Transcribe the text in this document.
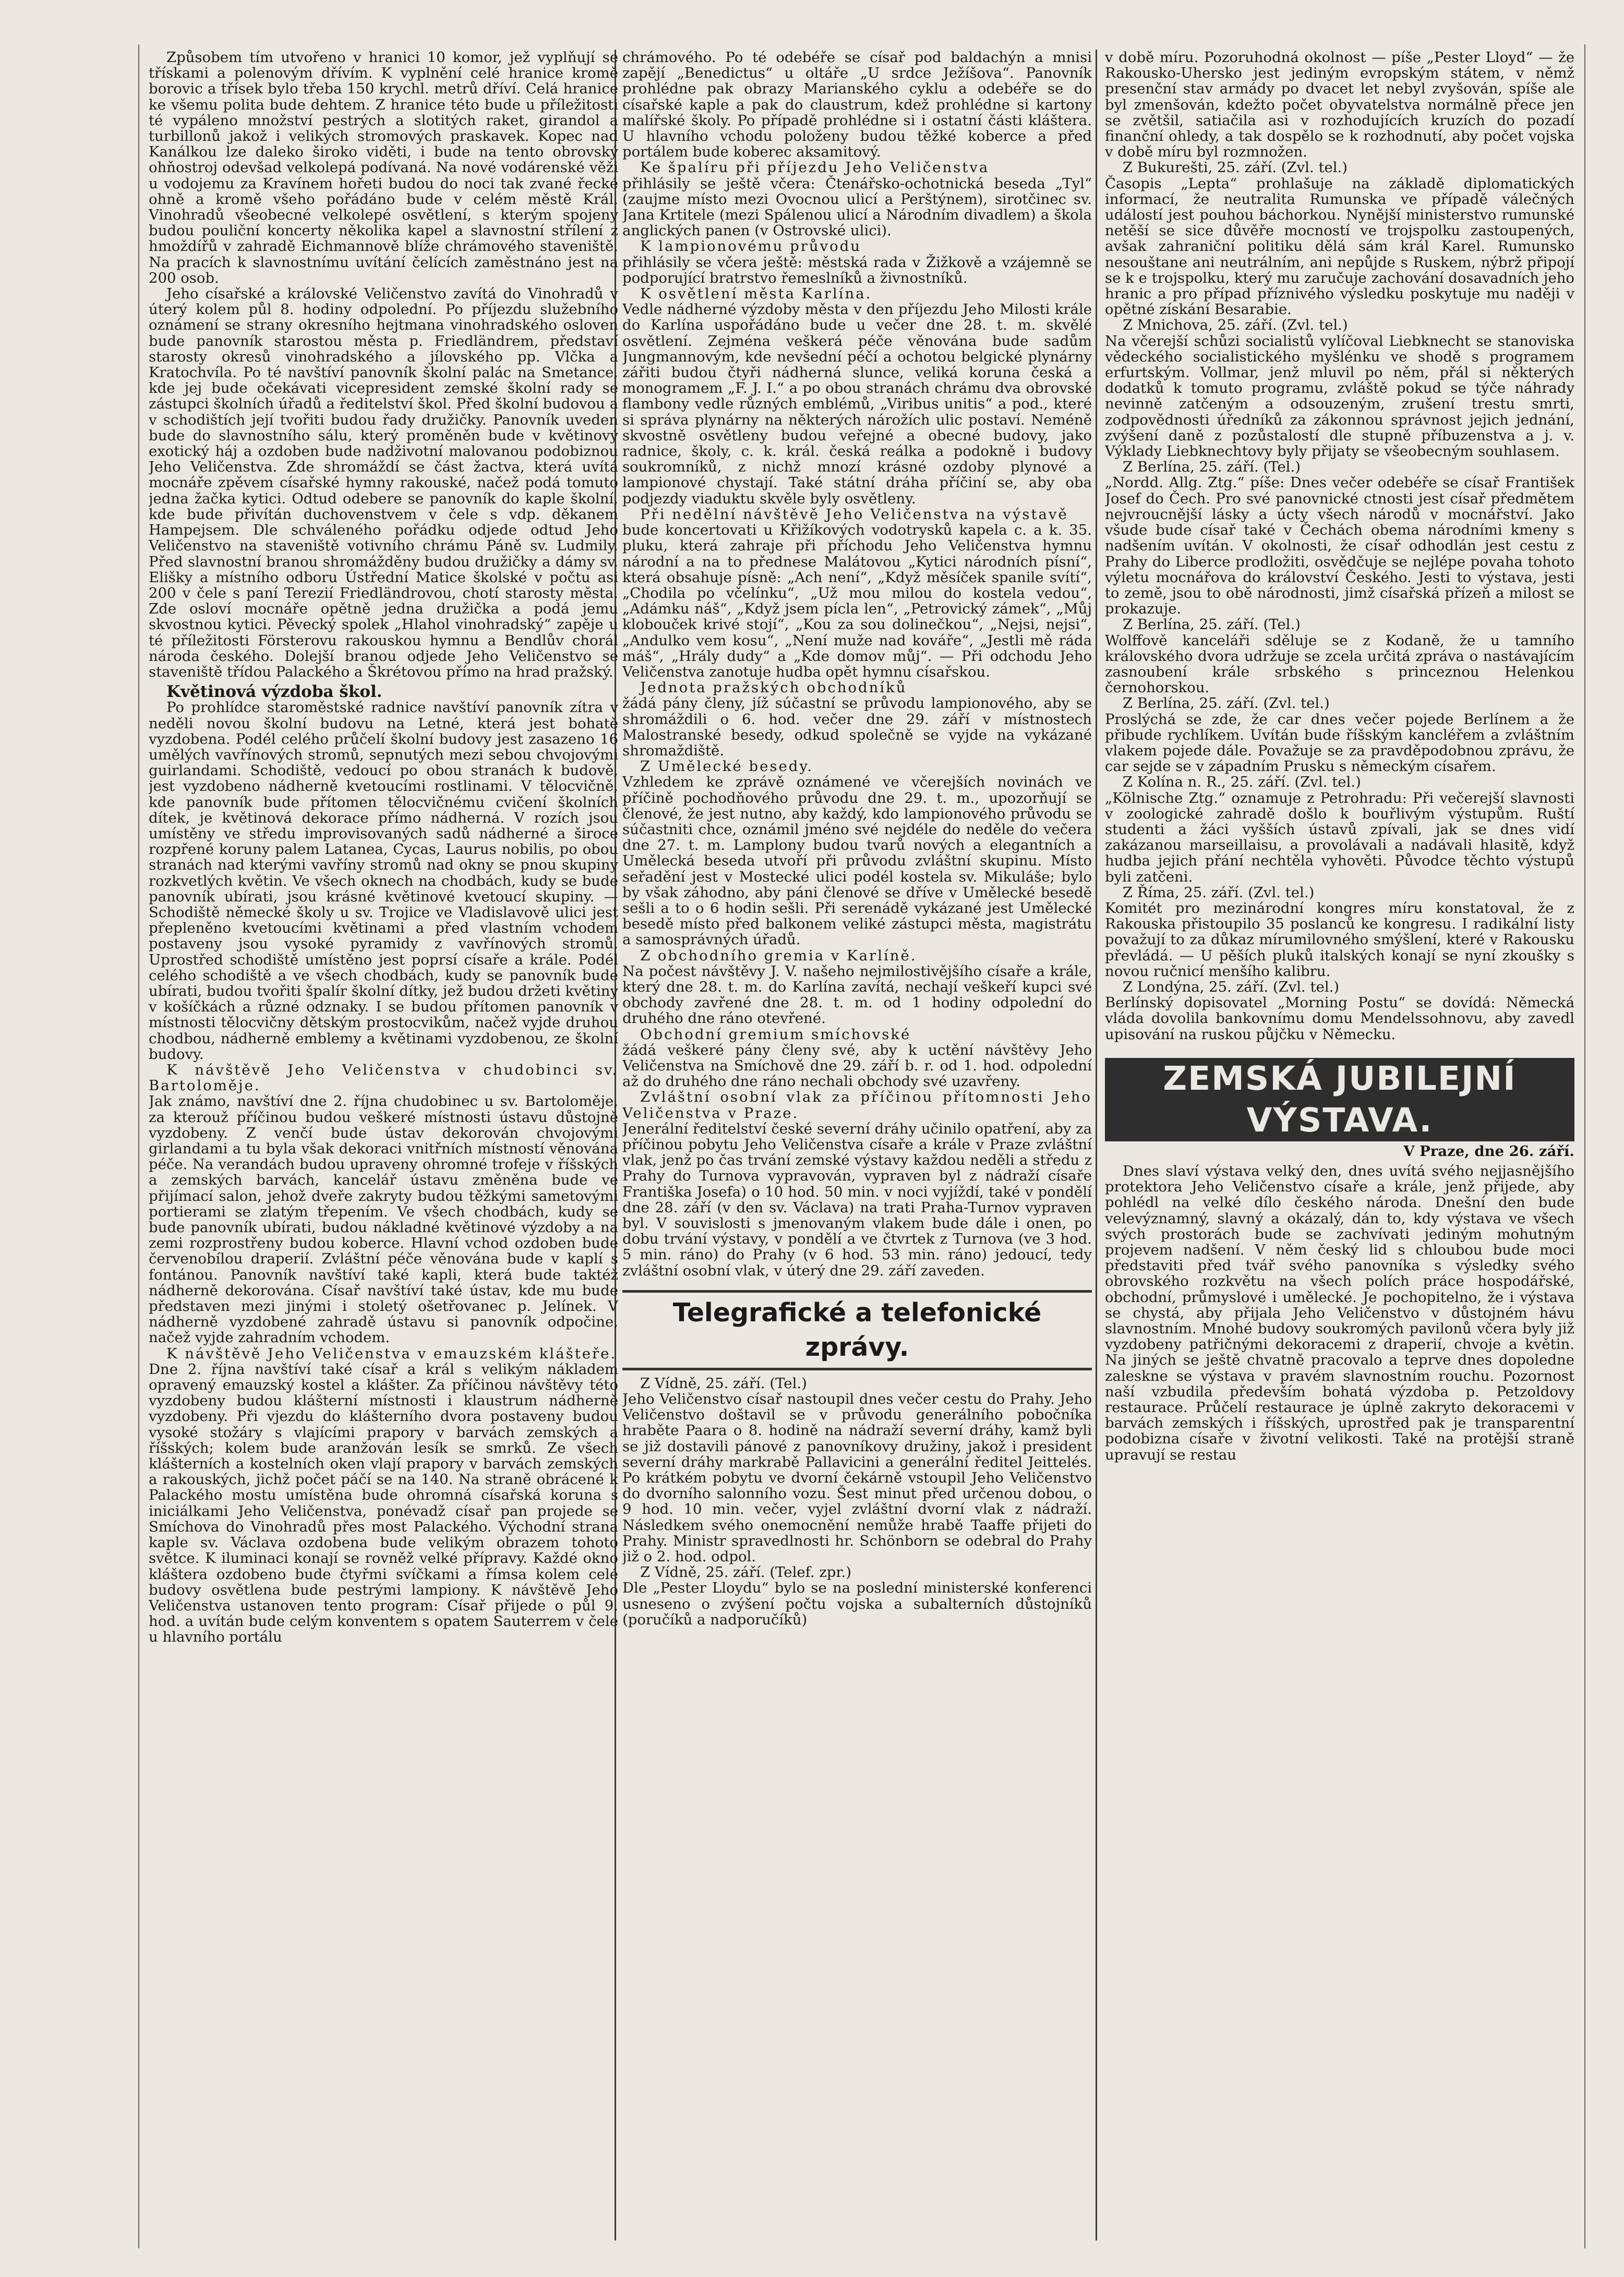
Způsobem tím utvořeno v hranici 10 komor, jež vyplňují se třískami a polenovým dřívím. K vyplnění celé hranice kromě borovic a třísek bylo třeba 150 krychl. metrů dříví. Celá hranice ke všemu polita bude dehtem. Z hranice této bude u příležitosti té vypáleno množství pestrých a slotitých raket, girandol a turbillonů jakož i velikých stromových praskavek. Kopec nad Kanálkou lze daleko široko viděti, i bude na tento obrovský ohňostroj odevšad velkolepá podívaná. Na nové vodárenské věži u vodojemu za Kravínem hořeti budou do noci tak zvané řecké ohně a kromě všeho pořádáno bude v celém městě Král. Vinohradů všeobecné velkolepé osvětlení, s kterým spojeny budou pouliční koncerty několika kapel a slavnostní střílení z hmoždířů v zahradě Eichmannově blíže chrámového staveniště. Na pracích k slavnostnímu uvítání čelících zaměstnáno jest na 200 osob.

Jeho císařské a královské Veličenstvo zavítá do Vinohradů v úterý kolem půl 8. hodiny odpolední. Po příjezdu služebního oznámení se strany okresního hejtmana vinohradského osloven bude panovník starostou města p. Friedländrem, představí starosty okresů vinohradského a jílovského pp. Vlčka a Kratochvíla. Po té navštíví panovník školní palác na Smetance, kde jej bude očekávati vicepresident zemské školní rady se zástupci školních úřadů a ředitelství škol. Před školní budovou a v schodištích její tvořiti budou řady družičky. Panovník uveden bude do slavnostního sálu, který proměněn bude v květinový exotický háj a ozdoben bude nadživotní malovanou podobiznou Jeho Veličenstva. Zde shromáždí se část žactva, která uvítá mocnáře zpěvem císařské hymny rakouské, načež podá tomuto jedna žačka kytici. Odtud odebere se panovník do kaple školní, kde bude přivítán duchovenstvem v čele s vdp. děkanem Hampejsem. Dle schváleného pořádku odjede odtud Jeho Veličenstvo na staveniště votivního chrámu Páně sv. Ludmily. Před slavnostní branou shromážděny budou družičky a dámy sv. Elišky a místního odboru Ústřední Matice školské v počtu asi 200 v čele s paní Terezií Friedländrovou, chotí starosty města. Zde osloví mocnáře opětně jedna družička a podá jemu skvostnou kytici. Pěvecký spolek „Hlahol vinohradský“ zapěje u té příležitosti Försterovu rakouskou hymnu a Bendlův chorál národa českého. Dolejší branou odjede Jeho Veličenstvo se staveniště třídou Palackého a Škrétovou přímo na hrad pražský.

Květinová výzdoba škol.

Po prohlídce staroměstské radnice navštíví panovník zítra v neděli novou školní budovu na Letné, která jest bohatě vyzdobena. Podél celého průčelí školní budovy jest zasazeno 16 umělých vavřínových stromů, sepnutých mezi sebou chvojovými guirlandami. Schodiště, vedoucí po obou stranách k budově, jest vyzdobeno nádherně kvetoucími rostlinami. V tělocvičně, kde panovník bude přítomen tělocvičnému cvičení školních dítek, je květinová dekorace přímo nádherná. V rozích jsou umístěny ve středu improvisovaných sadů nádherné a široce rozpřené koruny palem Latanea, Cycas, Laurus nobilis, po obou stranách nad kterými vavříny stromů nad okny se pnou skupiny rozkvetlých květin. Ve všech oknech na chodbách, kudy se bude panovník ubírati, jsou krásné květinové kvetoucí skupiny. — Schodiště německé školy u sv. Trojice ve Vladislavově ulici jest přepleněno kvetoucími květinami a před vlastním vchodem postaveny jsou vysoké pyramidy z vavřínových stromů. Uprostřed schodiště umístěno jest poprsí císaře a krále. Podél celého schodiště a ve všech chodbách, kudy se panovník bude ubírati, budou tvořiti špalír školní dítky, jež budou držeti květiny v košíčkách a různé odznaky. I se budou přítomen panovník v místnosti tělocvičny dětským prostocvikům, načež vyjde druhou chodbou, nádherně emblemy a květinami vyzdobenou, ze školní budovy.

K návštěvě Jeho Veličenstva v chudobinci sv. Bartoloměje.

Jak známo, navštíví dne 2. října chudobinec u sv. Bartoloměje, za kterouž příčinou budou veškeré místnosti ústavu důstojně vyzdobeny. Z venčí bude ústav dekorován chvojovými girlandami a tu byla však dekoraci vnitřních místností věnována péče. Na verandách budou upraveny ohromné trofeje v říšských a zemských barvách, kancelář ústavu změněna bude ve přijímací salon, jehož dveře zakryty budou těžkými sametovými portierami se zlatým třepením. Ve všech chodbách, kudy se bude panovník ubírati, budou nákladné květinové výzdoby a na zemi rozprostřeny budou koberce. Hlavní vchod ozdoben bude červenobílou draperií. Zvláštní péče věnována bude v kaplí s fontánou. Panovník navštíví také kapli, která bude taktéž nádherně dekorována. Císař navštíví také ústav, kde mu bude představen mezi jinými i stoletý ošetřovanec p. Jelínek. V nádherně vyzdobené zahradě ústavu si panovník odpočine, načež vyjde zahradním vchodem.

K návštěvě Jeho Veličenstva v emauzském klášteře.

Dne 2. října navštíví také císař a král s velikým nákladem opravený emauzský kostel a klášter. Za příčinou návštěvy této vyzdobeny budou klášterní místnosti i klaustrum nádherně vyzdobeny. Při vjezdu do klášterního dvora postaveny budou vysoké stožáry s vlajícími prapory v barvách zemských a říšských; kolem bude aranžován lesík se smrků. Ze všech klášterních a kostelních oken vlají prapory v barvách zemských a rakouských, jichž počet páčí se na 140. Na straně obrácené k Palackého mostu umístěna bude ohromná císařská koruna s iniciálkami Jeho Veličenstva, ponévadž císař pan projede se Smíchova do Vinohradů přes most Palackého. Východní strana kaple sv. Václava ozdobena bude velikým obrazem tohoto světce. K iluminaci konají se rovněž velké přípravy. Každé okno kláštera ozdobeno bude čtyřmi svíčkami a římsa kolem celé budovy osvětlena bude pestrými lampiony. K návštěvě Jeho Veličenstva ustanoven tento program: Císař přijede o půl 9. hod. a uvítán bude celým konventem s opatem Sauterrem v čele u hlavního portálu

chrámového. Po té odebéře se císař pod baldachýn a mnisi zapějí „Benedictus“ u oltáře „U srdce Ježíšova“. Panovník prohlédne pak obrazy Marianského cyklu a odebéře se do císařské kaple a pak do claustrum, kdež prohlédne si kartony malířské školy. Po případě prohlédne si i ostatní části kláštera. U hlavního vchodu položeny budou těžké koberce a před portálem bude koberec aksamitový.

Ke špalíru při příjezdu Jeho Veličenstva

přihlásily se ještě včera: Čtenářsko-ochotnická beseda „Tyl“ (zaujme místo mezi Ovocnou ulicí a Perštýnem), sirotčinec sv. Jana Krtitele (mezi Spálenou ulicí a Národním divadlem) a škola anglických panen (v Ostrovské ulici).

K lampionovému průvodu

přihlásily se včera ještě: městská rada v Žižkově a vzájemně se podporující bratrstvo řemeslníků a živnostníků.

K osvětlení města Karlína.

Vedle nádherné výzdoby města v den příjezdu Jeho Milosti krále do Karlína uspořádáno bude u večer dne 28. t. m. skvělé osvětlení. Zejména veškerá péče věnována bude sadům Jungmannovým, kde nevšední péčí a ochotou belgické plynárny zářiti budou čtyři nádherná slunce, veliká koruna česká a monogramem „F. J. I.“ a po obou stranách chrámu dva obrovské flambony vedle různých emblémů, „Viribus unitis“ a pod., které si správa plynárny na některých nárožích ulic postaví. Neméně skvostně osvětleny budou veřejné a obecné budovy, jako radnice, školy, c. k. král. česká reálka a podokně i budovy soukromníků, z nichž mnozí krásné ozdoby plynové a lampionové chystají. Také státní dráha příčiní se, aby oba podjezdy viaduktu skvěle byly osvětleny.

Při nedělní návštěvě Jeho Veličenstva na výstavě

bude koncertovati u Křižíkových vodotrysků kapela c. a k. 35. pluku, která zahraje při příchodu Jeho Veličenstva hymnu národní a na to přednese Malátovou „Kytici národních písní“, která obsahuje písně: „Ach není“, „Když měsíček spanile svítí“, „Chodila po včelínku“, „Už mou milou do kostela vedou“, „Adámku náš“, „Když jsem pícla len“, „Petrovický zámek“, „Můj klobouček krivé stojí“, „Kou za sou dolinečkou“, „Nejsi, nejsi“, „Andulko vem kosu“, „Není muže nad kováře“, „Jestli mě ráda máš“, „Hrály dudy“ a „Kde domov můj“. — Při odchodu Jeho Veličenstva zanotuje hudba opět hymnu císařskou.

Jednota pražských obchodníků

žádá pány členy, jíž súčastní se průvodu lampionového, aby se shromáždili o 6. hod. večer dne 29. září v místnostech Malostranské besedy, odkud společně se vyjde na vykázané shromaždiště.

Z Umělecké besedy.

Vzhledem ke zprávě oznámené ve včerejších novinách ve příčině pochodňového průvodu dne 29. t. m., upozorňují se členové, že jest nutno, aby každý, kdo lampionového průvodu se súčastniti chce, oznámil jméno své nejdéle do neděle do večera dne 27. t. m. Lamplony budou tvarů nových a elegantních a Umělecká beseda utvoří při průvodu zvláštní skupinu. Místo seřadění jest v Mostecké ulici podél kostela sv. Mikuláše; bylo by však záhodno, aby páni členové se dříve v Umělecké besedě sešli a to o 6 hodin sešli. Při serenádě vykázané jest Umělecké besedě místo před balkonem veliké zástupci města, magistrátu a samosprávných úřadů.

Z obchodního gremia v Karlíně.

Na počest návštěvy J. V. našeho nejmilostivějšího císaře a krále, který dne 28. t. m. do Karlína zavítá, nechají veškeří kupci své obchody zavřené dne 28. t. m. od 1 hodiny odpolední do druhého dne ráno otevřené.

Obchodní gremium smíchovské

žádá veškeré pány členy své, aby k uctění návštěvy Jeho Veličenstva na Smíchově dne 29. září b. r. od 1. hod. odpolední až do druhého dne ráno nechali obchody své uzavřeny.

Zvláštní osobní vlak za příčinou přítomnosti Jeho Veličenstva v Praze.

Jenerální ředitelství české severní dráhy učinilo opatření, aby za příčinou pobytu Jeho Veličenstva císaře a krále v Praze zvláštní vlak, jenž po čas trvání zemské výstavy každou neděli a středu z Prahy do Turnova vypravován, vypraven byl z nádraží císaře Františka Josefa) o 10 hod. 50 min. v noci vyjíždí, také v pondělí dne 28. září (v den sv. Václava) na trati Praha-Turnov vypraven byl. V souvislosti s jmenovaným vlakem bude dále i onen, po dobu trvání výstavy, v pondělí a ve čtvrtek z Turnova (ve 3 hod. 5 min. ráno) do Prahy (v 6 hod. 53 min. ráno) jedoucí, tedy zvláštní osobní vlak, v úterý dne 29. září zaveden.

Telegrafické a telefonické zprávy.

Z Vídně, 25. září. (Tel.)

Jeho Veličenstvo císař nastoupil dnes večer cestu do Prahy. Jeho Veličenstvo doštavil se v průvodu generálního pobočníka hraběte Paara o 8. hodině na nádraží severní dráhy, kamž byli se již dostavili pánové z panovníkovy družiny, jakož i president severní dráhy markrabě Pallavicini a generální ředitel Jeittelés. Po krátkém pobytu ve dvorní čekárně vstoupil Jeho Veličenstvo do dvorního salonního vozu. Šest minut před určenou dobou, o 9 hod. 10 min. večer, vyjel zvláštní dvorní vlak z nádraží. Následkem svého onemocnění nemůže hrabě Taaffe přijeti do Prahy. Ministr spravedlnosti hr. Schönborn se odebral do Prahy již o 2. hod. odpol.

Z Vídně, 25. září. (Telef. zpr.)

Dle „Pester Lloydu“ bylo se na poslední ministerské konferenci usneseno o zvýšení počtu vojska a subalterních důstojníků (poručíků a nadporučíků)

v době míru. Pozoruhodná okolnost — píše „Pester Lloyd“ — že Rakousko-Uhersko jest jediným evropským státem, v němž presenční stav armády po dvacet let nebyl zvyšován, spíše ale byl zmenšován, kdežto počet obyvatelstva normálně přece jen se zvětšil, satiačila asi v rozhodujících kruzích do pozadí finanční ohledy, a tak dospělo se k rozhodnutí, aby počet vojska v době míru byl rozmnožen.

Z Bukurešti, 25. září. (Zvl. tel.)

Časopis „Lepta“ prohlašuje na základě diplomatických informací, že neutralita Rumunska ve případě válečných událostí jest pouhou báchorkou. Nynější ministerstvo rumunské netěší se sice důvěře mocností ve trojspolku zastoupených, avšak zahraniční politiku dělá sám král Karel. Rumunsko nesouštane ani neutrálním, ani nepůjde s Ruskem, nýbrž připojí se k e trojspolku, který mu zaručuje zachování dosavadních jeho hranic a pro případ příznivého výsledku poskytuje mu naději v opětné získání Besarabie.

Z Mnichova, 25. září. (Zvl. tel.)

Na včerejší schůzi socialistů vylíčoval Liebknecht se stanoviska vědeckého socialistického myšlénku ve shodě s programem erfurtským. Vollmar, jenž mluvil po něm, přál si některých dodatků k tomuto programu, zvláště pokud se týče náhrady nevinně zatčeným a odsouzeným, zrušení trestu smrti, zodpovědnosti úředníků za zákonnou správnost jejich jednání, zvýšení daně z pozůstalostí dle stupně příbuzenstva a j. v. Výklady Liebknechtovy byly přijaty se všeobecným souhlasem.

Z Berlína, 25. září. (Tel.)

„Nordd. Allg. Ztg.“ píše: Dnes večer odebéře se císař František Josef do Čech. Pro své panovnické ctnosti jest císař předmětem nejvroucnější lásky a úcty všech národů v mocnářství. Jako všude bude císař také v Čechách obema národními kmeny s nadšením uvítán. V okolnosti, že císař odhodlán jest cestu z Prahy do Liberce prodložiti, osvědčuje se nejlépe povaha tohoto výletu mocnářova do království Českého. Jesti to výstava, jesti to země, jsou to obě národnosti, jimž císařská přízeň a milost se prokazuje.

Z Berlína, 25. září. (Tel.)

Wolffově kanceláři sděluje se z Kodaně, že u tamního královského dvora udržuje se zcela určitá zpráva o nastávajícím zasnoubení krále srbského s princeznou Helenkou černohorskou.

Z Berlína, 25. září. (Zvl. tel.)

Proslýchá se zde, že car dnes večer pojede Berlínem a že přibude rychlíkem. Uvítán bude říšským kancléřem a zvláštním vlakem pojede dále. Považuje se za pravděpodobnou zprávu, že car sejde se v západním Prusku s německým císařem.

Z Kolína n. R., 25. září. (Zvl. tel.)

„Kölnische Ztg.“ oznamuje z Petrohradu: Při večerejší slavnosti v zoologické zahradě došlo k bouřlivým výstupům. Ruští studenti a žáci vyšších ústavů zpívali, jak se dnes vidí zakázanou marseillaisu, a provolávali a nadávali hlasitě, když hudba jejich přání nechtěla vyhověti. Původce těchto výstupů byli zatčeni.

Z Říma, 25. září. (Zvl. tel.)

Komitét pro mezinárodní kongres míru konstatoval, že z Rakouska přistoupilo 35 poslanců ke kongresu. I radikální listy považují to za důkaz mírumilovného smýšlení, které v Rakousku převládá. — U pěších pluků italských konají se nyní zkoušky s novou ručnicí menšího kalibru.

Z Londýna, 25. září. (Zvl. tel.)

Berlínský dopisovatel „Morning Postu“ se dovídá: Německá vláda dovolila bankovnímu domu Mendelssohnovu, aby zavedl upisování na ruskou půjčku v Německu.

ZEMSKÁ JUBILEJNÍ VÝSTAVA.
V Praze, dne 26. září.

Dnes slaví výstava velký den, dnes uvítá svého nejjasnějšího protektora Jeho Veličenstvo císaře a krále, jenž přijede, aby pohlédl na velké dílo českého národa. Dnešní den bude velevýznamný, slavný a okázalý, dán to, kdy výstava ve všech svých prostorách bude se zachvívati jediným mohutným projevem nadšení. V něm český lid s chloubou bude moci představiti před tvář svého panovníka s výsledky svého obrovského rozkvětu na všech polích práce hospodářské, obchodní, průmyslové i umělecké. Je pochopitelno, že i výstava se chystá, aby přijala Jeho Veličenstvo v důstojném hávu slavnostním. Mnohé budovy soukromých pavilonů včera byly již vyzdobeny patřičnými dekoracemi z draperií, chvoje a květin. Na jiných se ještě chvatně pracovalo a teprve dnes dopoledne zaleskne se výstava v pravém slavnostním rouchu. Pozornost naší vzbudila především bohatá výzdoba p. Petzoldovy restaurace. Průčelí restaurace je úplně zakryto dekoracemi v barvách zemských i říšských, uprostřed pak je transparentní podobizna císaře v životní velikosti. Také na protější straně upravují se restau
